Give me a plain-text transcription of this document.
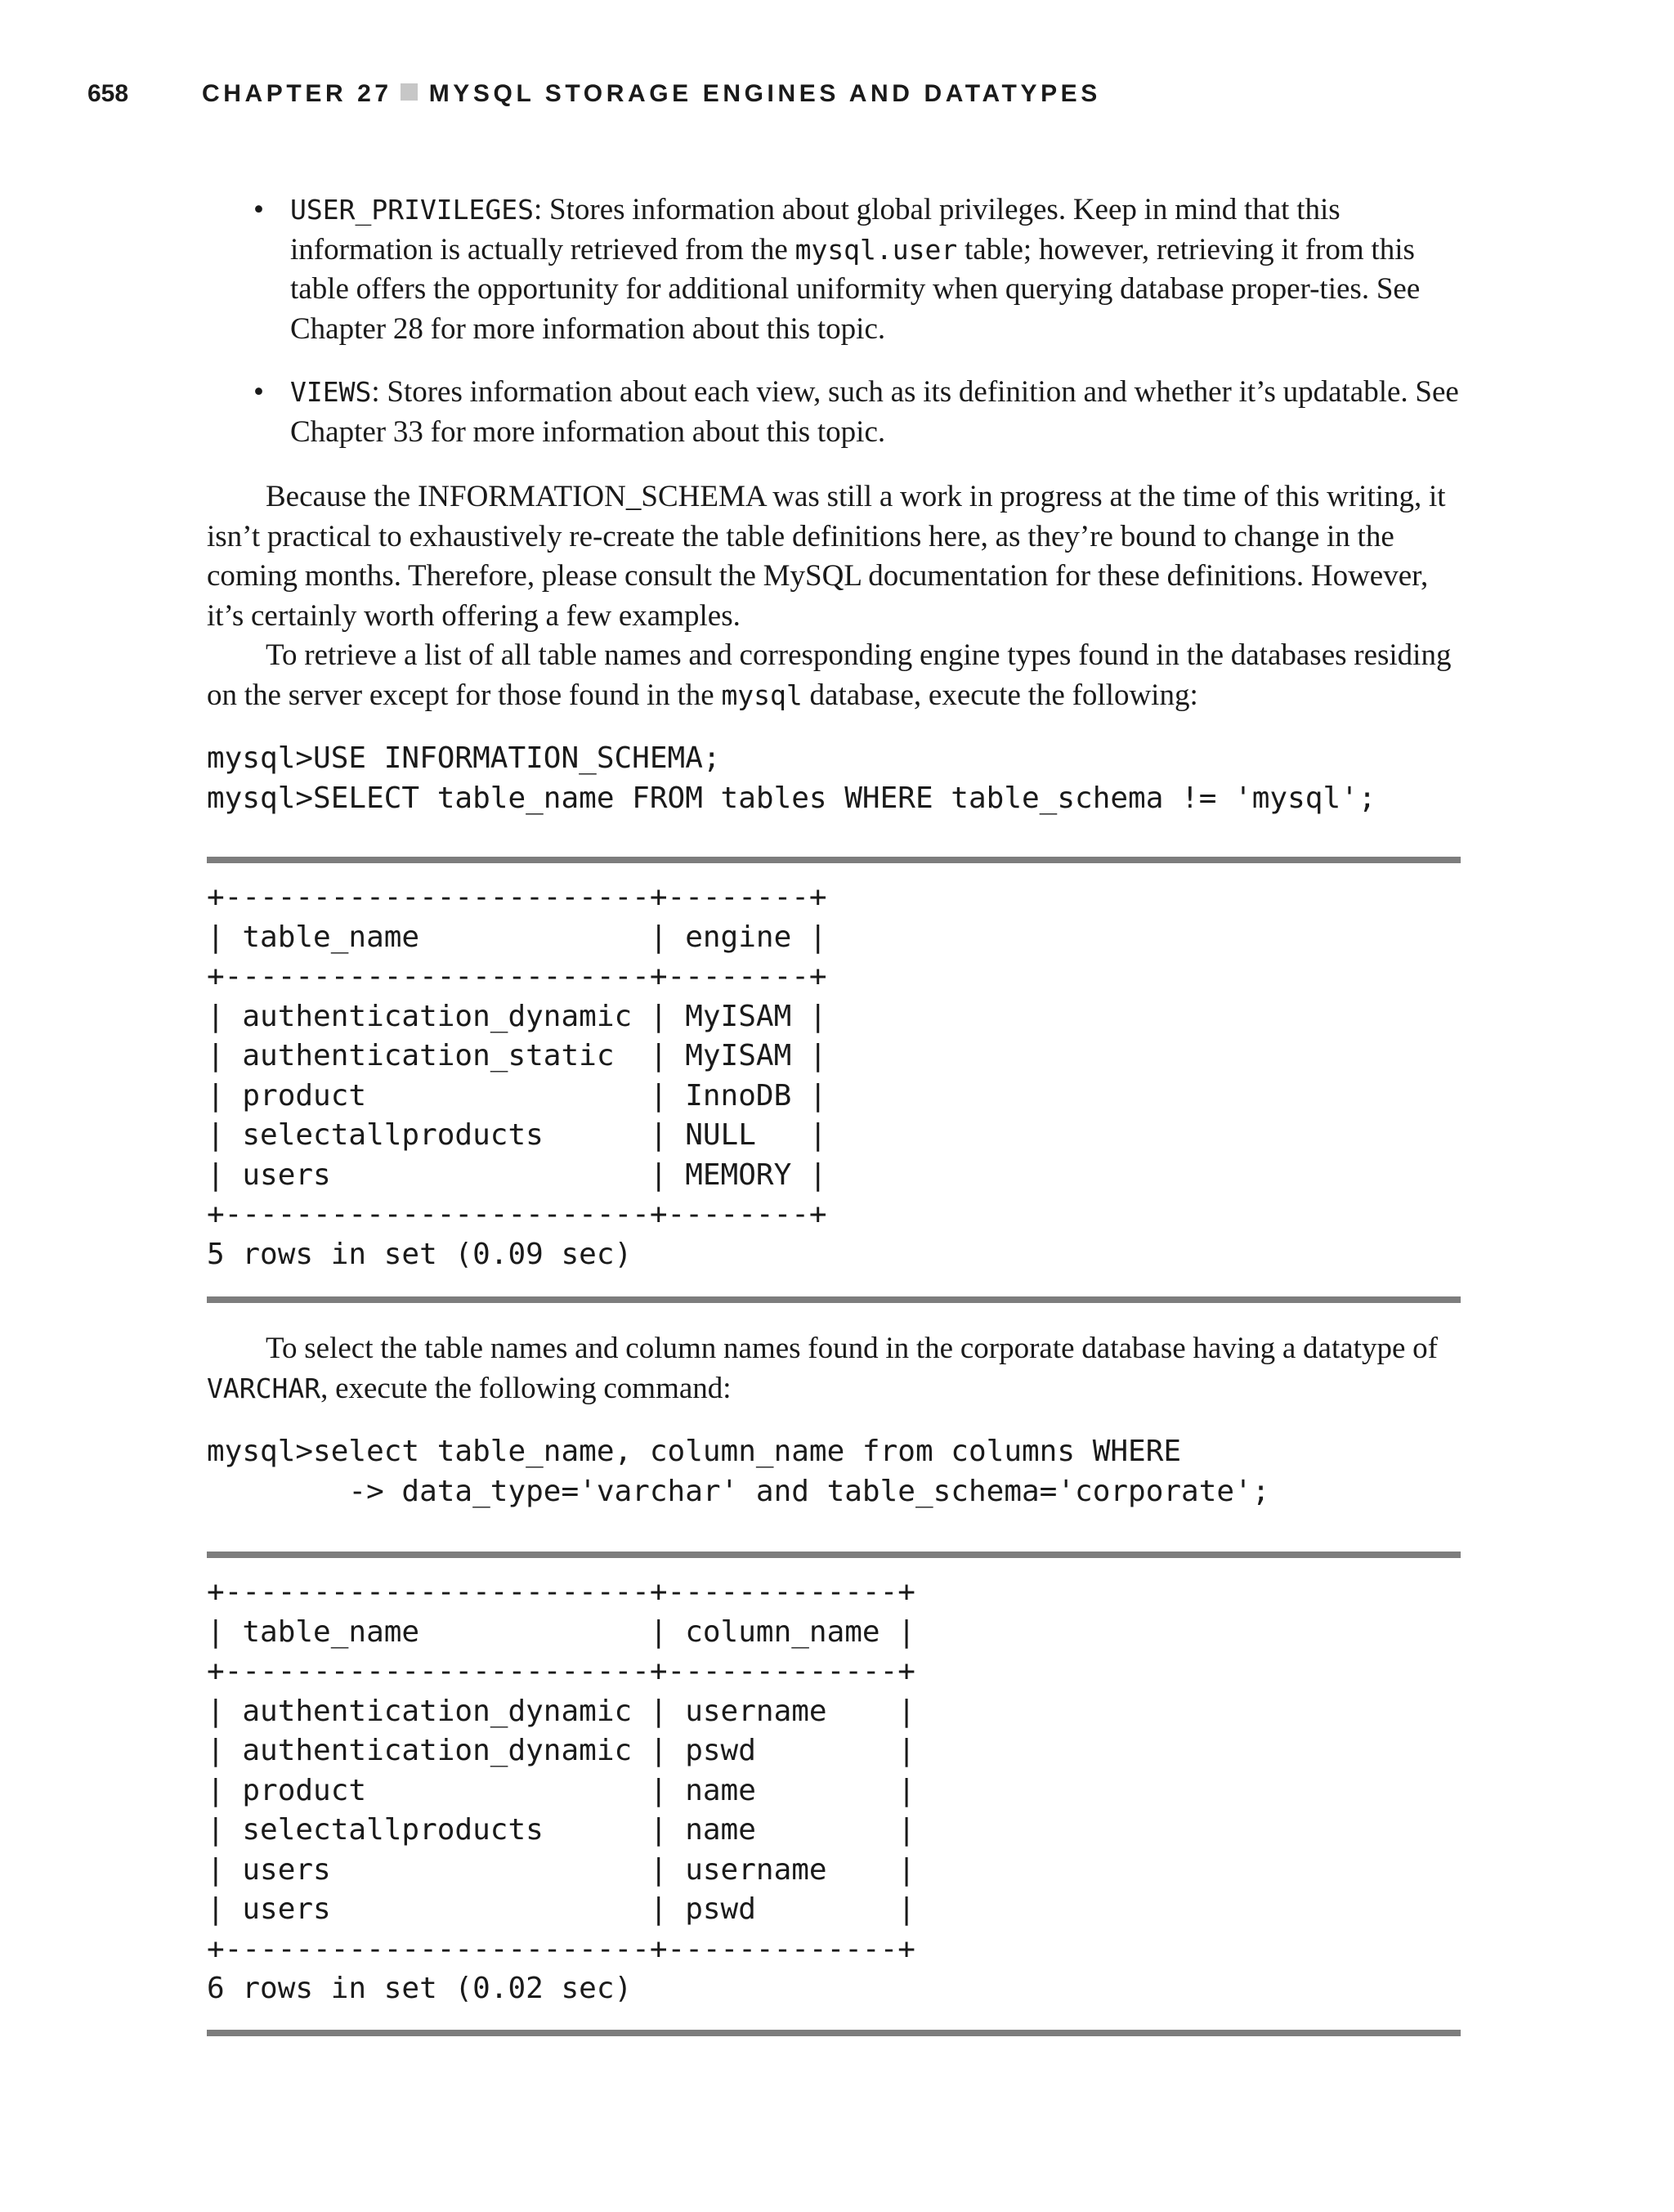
658	CHAPTER 27 MYSQL STORAGE ENGINES AND DATATYPES
• USER_PRIVILEGES: Stores information about global privileges. Keep in mind that this information is actually retrieved from the mysql.user table; however, retrieving it from this table offers the opportunity for additional uniformity when querying database proper-ties. See Chapter 28 for more information about this topic.
• VIEWS: Stores information about each view, such as its definition and whether it’s updatable. See Chapter 33 for more information about this topic.
Because the INFORMATION_SCHEMA was still a work in progress at the time of this writing, it isn’t practical to exhaustively re-create the table definitions here, as they’re bound to change in the coming months. Therefore, please consult the MySQL documentation for these definitions. However, it’s certainly worth offering a few examples.
To retrieve a list of all table names and corresponding engine types found in the databases residing on the server except for those found in the mysql database, execute the following:
mysql>USE INFORMATION_SCHEMA;
mysql>SELECT table_name FROM tables WHERE table_schema != 'mysql';
+------------------------+--------+
| table_name             | engine |
+------------------------+--------+
| authentication_dynamic | MyISAM |
| authentication_static  | MyISAM |
| product                | InnoDB |
| selectallproducts      | NULL   |
| users                  | MEMORY |
+------------------------+--------+
5 rows in set (0.09 sec)
To select the table names and column names found in the corporate database having a datatype of VARCHAR, execute the following command:
mysql>select table_name, column_name from columns WHERE
-> data_type='varchar' and table_schema='corporate';
+------------------------+-------------+
| table_name             | column_name |
+------------------------+-------------+
| authentication_dynamic | username    |
| authentication_dynamic | pswd        |
| product                | name        |
| selectallproducts      | name        |
| users                  | username    |
| users                  | pswd        |
+------------------------+-------------+
6 rows in set (0.02 sec)
